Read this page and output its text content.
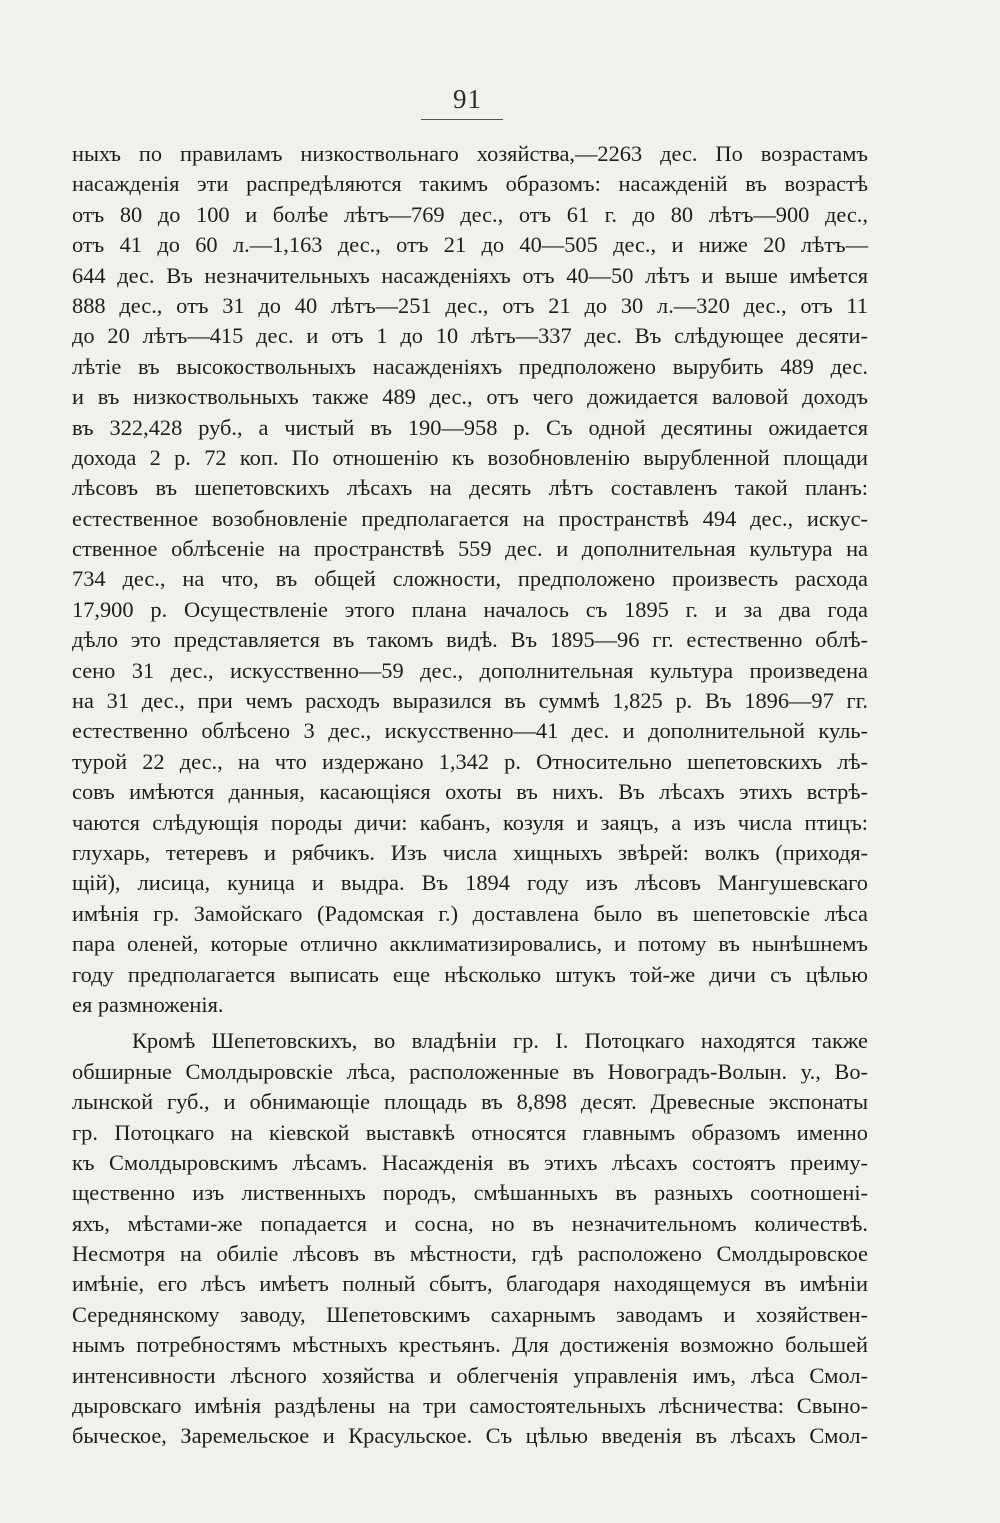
91
ныхъ по правиламъ низкоствольнаго хозяйства,—2263 дес. По возрастамъ
насажденія эти распредѣляются такимъ образомъ: насажденій въ возрастѣ
отъ 80 до 100 и болѣе лѣтъ—769 дес., отъ 61 г. до 80 лѣтъ—900 дес.,
отъ 41 до 60 л.—1,163 дес., отъ 21 до 40—505 дес., и ниже 20 лѣтъ—
644 дес. Въ незначительныхъ насажденіяхъ отъ 40—50 лѣтъ и выше имѣется
888 дес., отъ 31 до 40 лѣтъ—251 дес., отъ 21 до 30 л.—320 дес., отъ 11
до 20 лѣтъ—415 дес. и отъ 1 до 10 лѣтъ—337 дес. Въ слѣдующее десяти-
лѣтіе въ высокоствольныхъ насажденіяхъ предположено вырубить 489 дес.
и въ низкоствольныхъ также 489 дес., отъ чего дожидается валовой доходъ
въ 322,428 руб., а чистый въ 190—958 р. Съ одной десятины ожидается
дохода 2 р. 72 коп. По отношенію къ возобновленію вырубленной площади
лѣсовъ въ шепетовскихъ лѣсахъ на десять лѣтъ составленъ такой планъ:
естественное возобновленіе предполагается на пространствѣ 494 дес., искус-
ственное облѣсеніе на пространствѣ 559 дес. и дополнительная культура на
734 дес., на что, въ общей сложности, предположено произвесть расхода
17,900 р. Осуществленіе этого плана началось съ 1895 г. и за два года
дѣло это представляется въ такомъ видѣ. Въ 1895—96 гг. естественно облѣ-
сено 31 дес., искусственно—59 дес., дополнительная культура произведена
на 31 дес., при чемъ расходъ выразился въ суммѣ 1,825 р. Въ 1896—97 гг.
естественно облѣсено 3 дес., искусственно—41 дес. и дополнительной куль-
турой 22 дес., на что издержано 1,342 р. Относительно шепетовскихъ лѣ-
совъ имѣются данныя, касающіяся охоты въ нихъ. Въ лѣсахъ этихъ встрѣ-
чаются слѣдующія породы дичи: кабанъ, козуля и заяцъ, а изъ числа птицъ:
глухарь, тетеревъ и рябчикъ. Изъ числа хищныхъ звѣрей: волкъ (приходя-
щій), лисица, куница и выдра. Въ 1894 году изъ лѣсовъ Мангушевскаго
имѣнія гр. Замойскаго (Радомская г.) доставлена было въ шепетовскіе лѣса
пара оленей, которые отлично акклиматизировались, и потому въ нынѣшнемъ
году предполагается выписать еще нѣсколько штукъ той-же дичи съ цѣлью
ея размноженія.
Кромѣ Шепетовскихъ, во владѣніи гр. І. Потоцкаго находятся также
обширные Смолдыровскіе лѣса, расположенные въ Новоградъ-Волын. у., Во-
лынской губ., и обнимающіе площадь въ 8,898 десят. Древесные экспонаты
гр. Потоцкаго на кіевской выставкѣ относятся главнымъ образомъ именно
къ Смолдыровскимъ лѣсамъ. Насажденія въ этихъ лѣсахъ состоятъ преиму-
щественно изъ лиственныхъ породъ, смѣшанныхъ въ разныхъ соотношені-
яхъ, мѣстами-же попадается и сосна, но въ незначительномъ количествѣ.
Несмотря на обиліе лѣсовъ въ мѣстности, гдѣ расположено Смолдыровское
имѣніе, его лѣсъ имѣетъ полный сбытъ, благодаря находящемуся въ имѣніи
Середнянскому заводу, Шепетовскимъ сахарнымъ заводамъ и хозяйствен-
нымъ потребностямъ мѣстныхъ крестьянъ. Для достиженія возможно большей
интенсивности лѣсного хозяйства и облегченія управленія имъ, лѣса Смол-
дыровскаго имѣнія раздѣлены на три самостоятельныхъ лѣсничества: Свыно-
быческое, Заремельское и Красульское. Съ цѣлью введенія въ лѣсахъ Смол-
